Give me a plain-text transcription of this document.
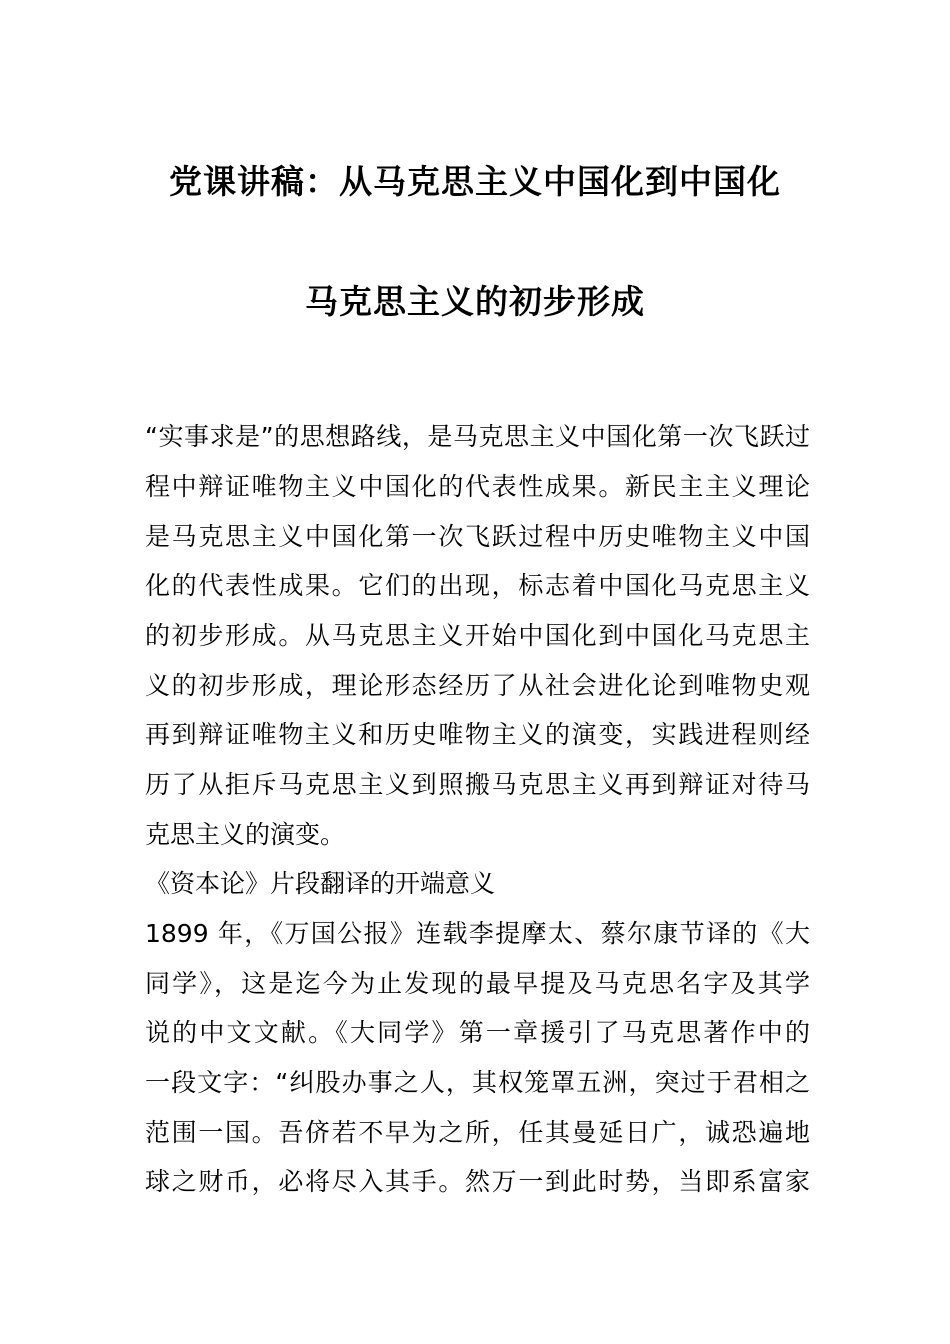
党课讲稿：从马克思主义中国化到中国化
马克思主义的初步形成
“实事求是”的思想路线，是马克思主义中国化第一次飞跃过
程中辩证唯物主义中国化的代表性成果。新民主主义理论
是马克思主义中国化第一次飞跃过程中历史唯物主义中国
化的代表性成果。它们的出现，标志着中国化马克思主义
的初步形成。从马克思主义开始中国化到中国化马克思主
义的初步形成，理论形态经历了从社会进化论到唯物史观
再到辩证唯物主义和历史唯物主义的演变，实践进程则经
历了从拒斥马克思主义到照搬马克思主义再到辩证对待马
克思主义的演变。
《资本论》片段翻译的开端意义
1899 年，《万国公报》连载李提摩太、蔡尔康节译的《大
同学》，这是迄今为止发现的最早提及马克思名字及其学
说的中文文献。《大同学》第一章援引了马克思著作中的
一段文字：“纠股办事之人，其权笼罩五洲，突过于君相之
范围一国。吾侪若不早为之所，任其曼延日广，诚恐遍地
球之财币，必将尽入其手。然万一到此时势，当即系富家
